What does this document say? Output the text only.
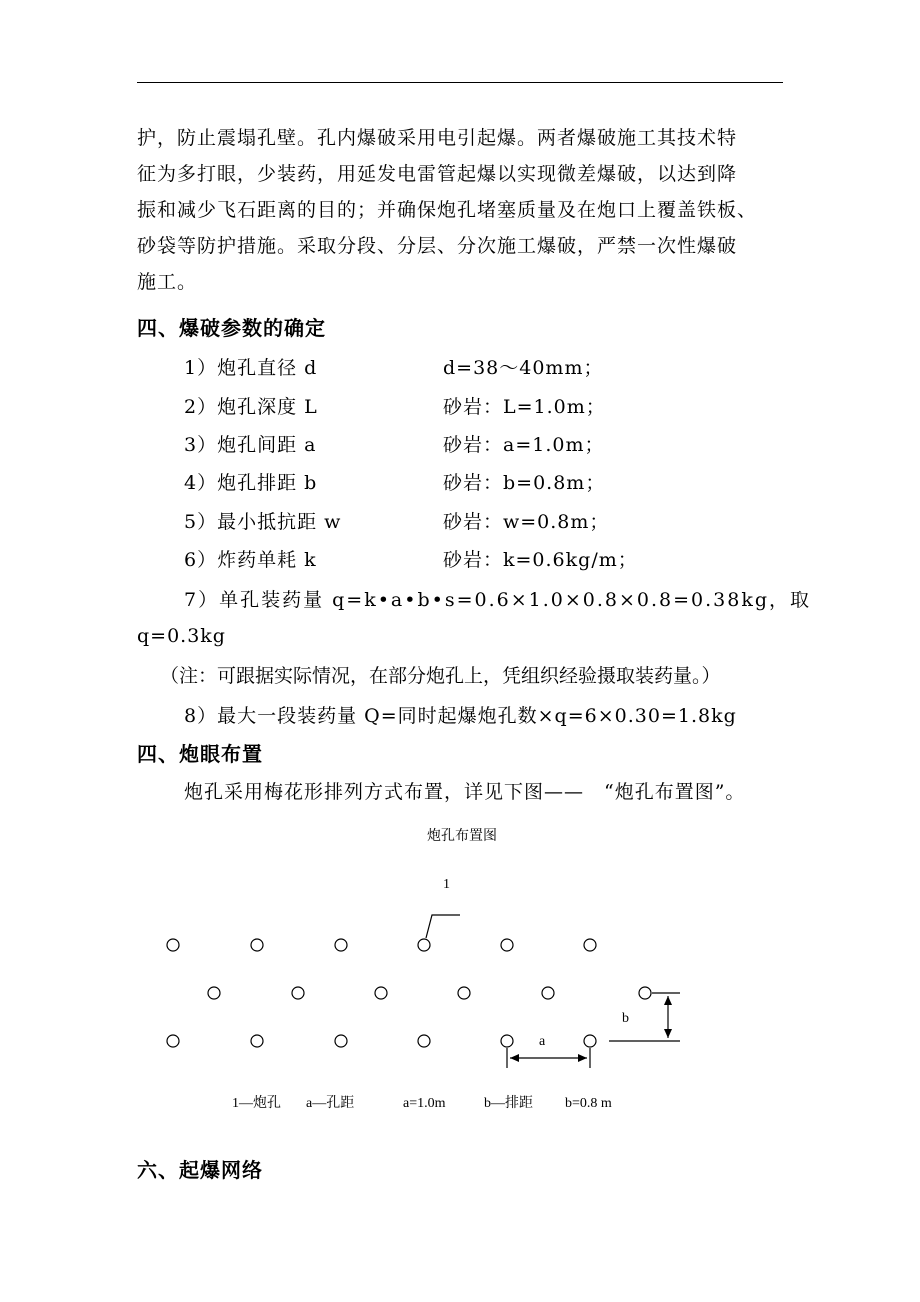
护，防止震塌孔壁。孔内爆破采用电引起爆。两者爆破施工其技术特
征为多打眼，少装药，用延发电雷管起爆以实现微差爆破，以达到降
振和减少飞石距离的目的；并确保炮孔堵塞质量及在炮口上覆盖铁板、
砂袋等防护措施。采取分段、分层、分次施工爆破，严禁一次性爆破
施工。
四、爆破参数的确定
1）炮孔直径 d	d=38～40mm；
2）炮孔深度 L	砂岩：L=1.0m；
3）炮孔间距 a	砂岩：a=1.0m；
4）炮孔排距 b	砂岩：b=0.8m；
5）最小抵抗距 w	砂岩：w=0.8m；
6）炸药单耗 k	砂岩：k=0.6kg/m；
7）单孔装药量 q=k•a•b•s=0.6×1.0×0.8×0.8=0.38kg，取
q=0.3kg
（注：可跟据实际情况，在部分炮孔上，凭组织经验摄取装药量。）
8）最大一段装药量 Q=同时起爆炮孔数×q=6×0.30=1.8kg
四、炮眼布置
炮孔采用梅花形排列方式布置，详见下图——　“炮孔布置图”。
炮孔布置图
1
b
a
1—炮孔 a—孔距	a=1.0m	b—排距 b=0.8 m
六、起爆网络
